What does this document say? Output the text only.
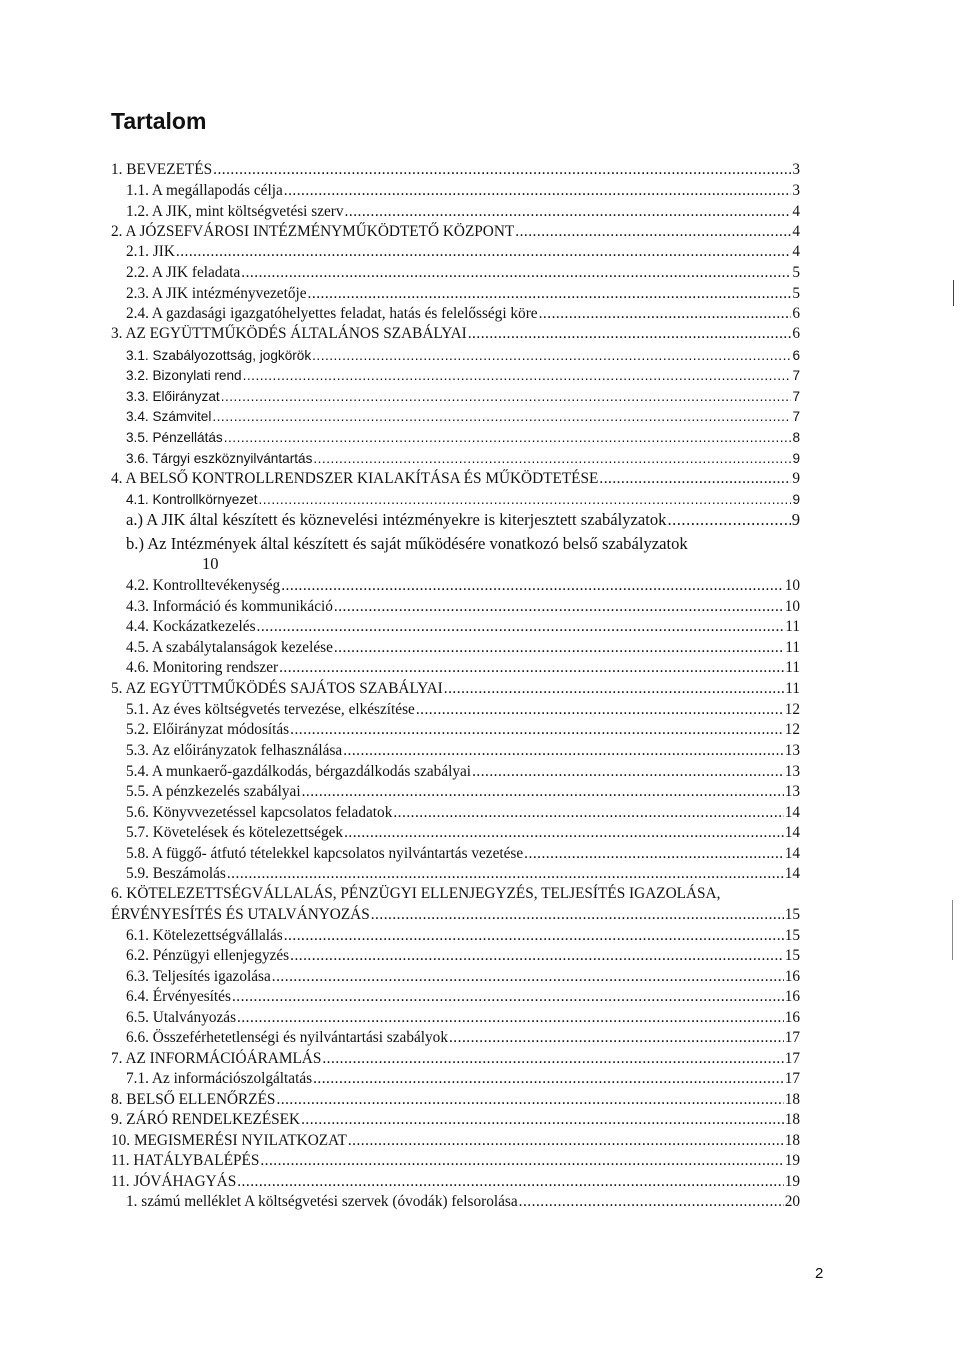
Tartalom
1. BEVEZETÉS .....	3
1.1. A megállapodás célja .....	3
1.2. A JIK, mint költségvetési szerv .....	4
2. A JÓZSEFVÁROSI INTÉZMÉNYMŰKÖDTETŐ KÖZPONT .....	4
2.1. JIK .....	4
2.2. A JIK feladata .....	5
2.3. A JIK intézményvezetője .....	5
2.4. A gazdasági igazgatóhelyettes feladat, hatás és felelősségi köre .....	6
3. AZ EGYÜTTMŰKÖDÉS ÁLTALÁNOS SZABÁLYAI .....	6
3.1. Szabályozottság, jogkörök .....	6
3.2. Bizonylati rend .....	7
3.3. Előirányzat .....	7
3.4. Számvitel .....	7
3.5. Pénzellátás .....	8
3.6. Tárgyi eszköznyilvántartás .....	9
4. A BELSŐ KONTROLLRENDSZER KIALAKÍTÁSA ÉS MŰKÖDTETÉSE .....	9
4.1. Kontrollkörnyezet .....	9
a.) A JIK által készített és köznevelési intézményekre is kiterjesztett szabályzatok .....	9
b.) Az Intézmények által készített és saját működésére vonatkozó belső szabályzatok
10
4.2. Kontrolltevékenység .....	10
4.3. Információ és kommunikáció .....	10
4.4. Kockázatkezelés .....	11
4.5. A szabálytalanságok kezelése .....	11
4.6. Monitoring rendszer .....	11
5. AZ EGYÜTTMŰKÖDÉS SAJÁTOS SZABÁLYAI .....	11
5.1. Az éves költségvetés tervezése, elkészítése .....	12
5.2. Előirányzat módosítás .....	12
5.3. Az előirányzatok felhasználása .....	13
5.4. A munkaerő-gazdálkodás, bérgazdálkodás szabályai .....	13
5.5. A pénzkezelés szabályai .....	13
5.6. Könyvvezetéssel kapcsolatos feladatok .....	14
5.7. Követelések és kötelezettségek .....	14
5.8. A függő- átfutó tételekkel kapcsolatos nyilvántartás vezetése .....	14
5.9. Beszámolás .....	14
6. KÖTELEZETTSÉGVÁLLALÁS, PÉNZÜGYI ELLENJEGYZÉS, TELJESÍTÉS IGAZOLÁSA,
ÉRVÉNYESÍTÉS ÉS UTALVÁNYOZÁS .....	15
6.1. Kötelezettségvállalás .....	15
6.2. Pénzügyi ellenjegyzés .....	15
6.3. Teljesítés igazolása .....	16
6.4. Érvényesítés .....	16
6.5. Utalványozás .....	16
6.6. Összeférhetetlenségi és nyilvántartási szabályok .....	17
7. AZ INFORMÁCIÓÁRAMLÁS .....	17
7.1. Az információszolgáltatás .....	17
8. BELSŐ ELLENŐRZÉS .....	18
9. ZÁRÓ RENDELKEZÉSEK .....	18
10. MEGISMERÉSI NYILATKOZAT .....	18
11. HATÁLYBALÉPÉS .....	19
11. JÓVÁHAGYÁS .....	19
1. számú melléklet A költségvetési szervek (óvodák) felsorolása .....	20
2
